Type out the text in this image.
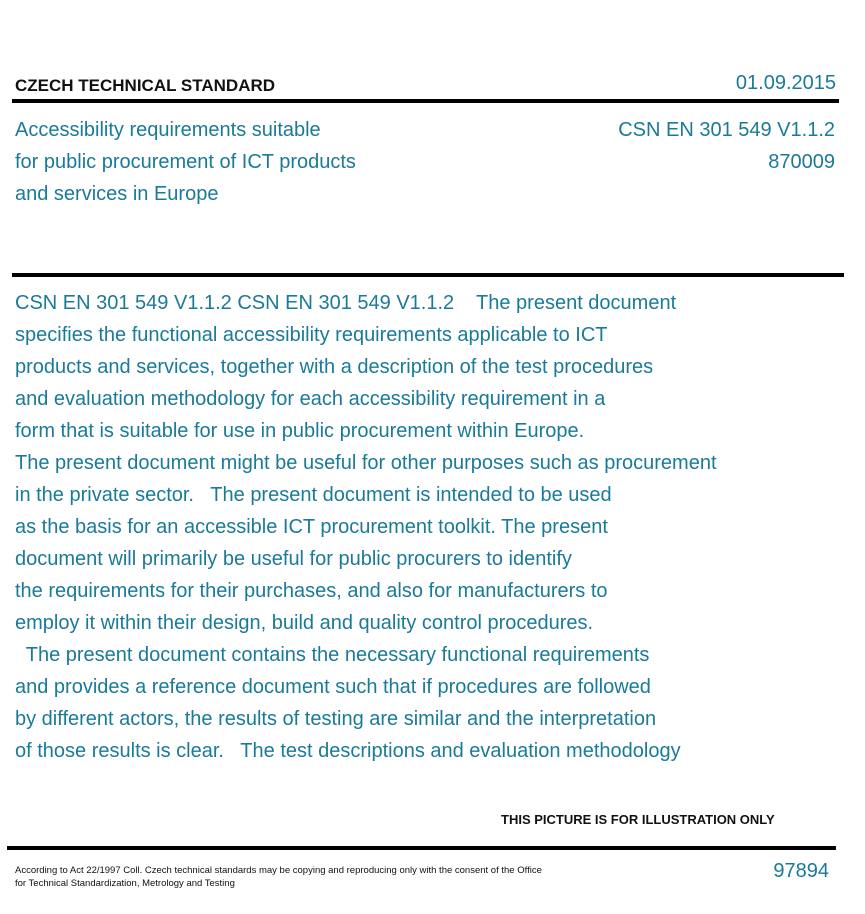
CZECH TECHNICAL STANDARD	01.09.2015
Accessibility requirements suitable
for public procurement of ICT products
and services in Europe
CSN EN 301 549 V1.1.2
870009
CSN EN 301 549 V1.1.2 CSN EN 301 549 V1.1.2    The present document
specifies the functional accessibility requirements applicable to ICT
products and services, together with a description of the test procedures
and evaluation methodology for each accessibility requirement in a
form that is suitable for use in public procurement within Europe.
The present document might be useful for other purposes such as procurement
in the private sector.   The present document is intended to be used
as the basis for an accessible ICT procurement toolkit. The present
document will primarily be useful for public procurers to identify
the requirements for their purchases, and also for manufacturers to
employ it within their design, build and quality control procedures.
The present document contains the necessary functional requirements
and provides a reference document such that if procedures are followed
by different actors, the results of testing are similar and the interpretation
of those results is clear.   The test descriptions and evaluation methodology
THIS PICTURE IS FOR ILLUSTRATION ONLY
According to Act 22/1997 Coll. Czech technical standards may be copying and reproducing only with the consent of the Office
for Technical Standardization, Metrology and Testing
97894
